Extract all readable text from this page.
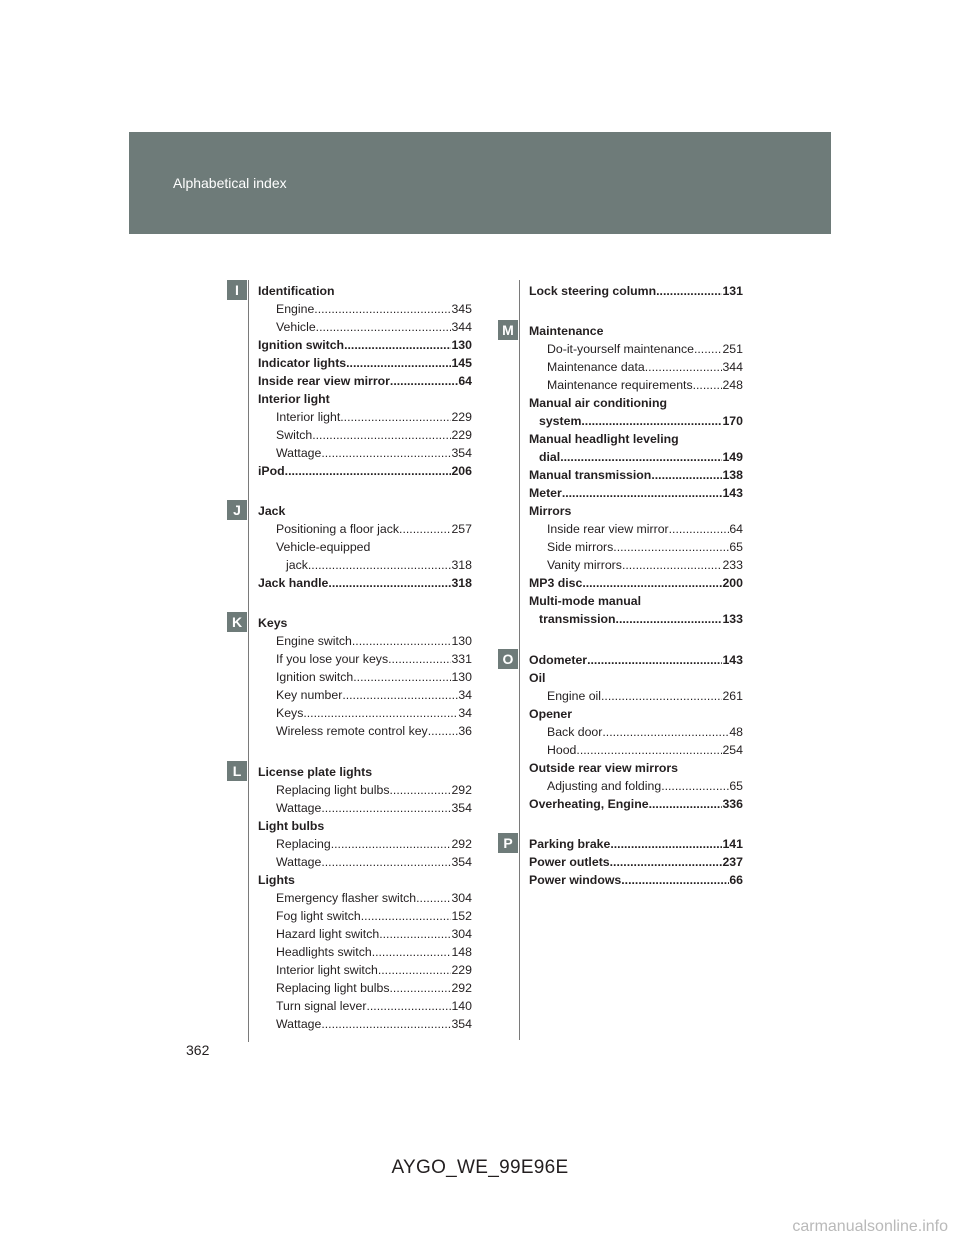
Alphabetical index
I	Identification
Engine .....	345
Vehicle .....	344
Ignition switch .....	130
Indicator lights .....	145
Inside rear view mirror .....	64
Interior light
Interior light .....	229
Switch .....	229
Wattage .....	354
iPod .....	206
J	Jack
Positioning a floor jack .....	257
Vehicle-equipped
jack .....	318
Jack handle .....	318
K	Keys
Engine switch .....	130
If you lose your keys .....	331
Ignition switch .....	130
Key number .....	34
Keys .....	34
Wireless remote control key ..... 36
L	License plate lights
Replacing light bulbs .....	292
Wattage .....	354
Light bulbs
Replacing .....	292
Wattage .....	354
Lights
Emergency flasher switch .....	304
Fog light switch .....	152
Hazard light switch .....	304
Headlights switch .....	148
Interior light switch .....	229
Replacing light bulbs .....	292
Turn signal lever .....	140
Wattage .....	354
Lock steering column .....	131
M	Maintenance
Do-it-yourself maintenance ..... 251
Maintenance data .....	344
Maintenance requirements ..... 248
Manual air conditioning
system .....	170
Manual headlight leveling
dial .....	149
Manual transmission .....	138
Meter .....	143
Mirrors
Inside rear view mirror .....	64
Side mirrors .....	65
Vanity mirrors .....	233
MP3 disc .....	200
Multi-mode manual
transmission .....	133
O	Odometer .....	143
Oil
Engine oil .....	261
Opener
Back door .....	48
Hood .....	254
Outside rear view mirrors
Adjusting and folding .....	65
Overheating, Engine .....	336
P	Parking brake .....	141
Power outlets .....	237
Power windows .....	66
362
AYGO_WE_99E96E
carmanualsonline.info
